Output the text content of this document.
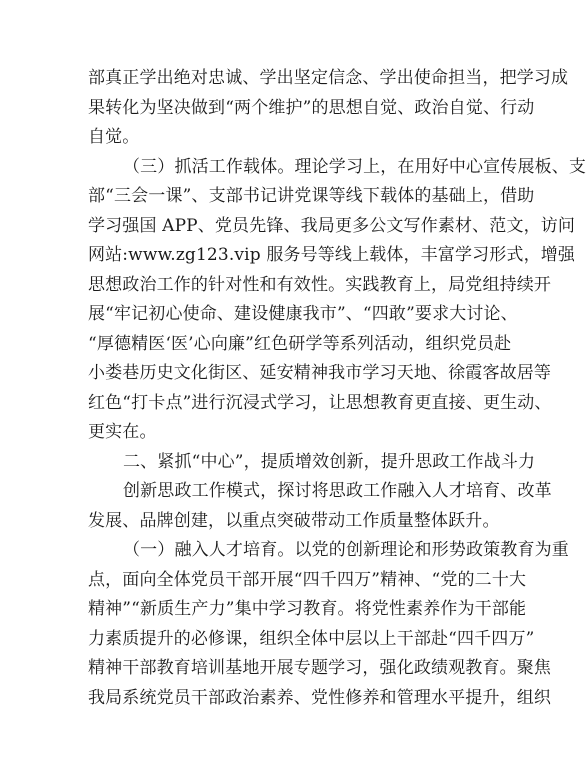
部真正学出绝对忠诚、学出坚定信念、学出使命担当，把学习成
果转化为坚决做到“两个维护”的思想自觉、政治自觉、行动
自觉。
（三）抓活工作载体。理论学习上，在用好中心宣传展板、支
部“三会一课”、支部书记讲党课等线下载体的基础上，借助
学习强国 APP、党员先锋、我局更多公文写作素材、范文，访问
网站:www.zg123.vip 服务号等线上载体，丰富学习形式，增强
思想政治工作的针对性和有效性。实践教育上，局党组持续开
展“牢记初心使命、建设健康我市”、“四敢”要求大讨论、
“厚德精医‘医’心向廉”红色研学等系列活动，组织党员赴
小娄巷历史文化街区、延安精神我市学习天地、徐霞客故居等
红色“打卡点”进行沉浸式学习，让思想教育更直接、更生动、
更实在。
二、紧抓“中心”，提质增效创新，提升思政工作战斗力
创新思政工作模式，探讨将思政工作融入人才培育、改革
发展、品牌创建，以重点突破带动工作质量整体跃升。
（一）融入人才培育。以党的创新理论和形势政策教育为重
点，面向全体党员干部开展“四千四万”精神、“党的二十大
精神”“新质生产力”集中学习教育。将党性素养作为干部能
力素质提升的必修课，组织全体中层以上干部赴“四千四万”
精神干部教育培训基地开展专题学习，强化政绩观教育。聚焦
我局系统党员干部政治素养、党性修养和管理水平提升，组织
